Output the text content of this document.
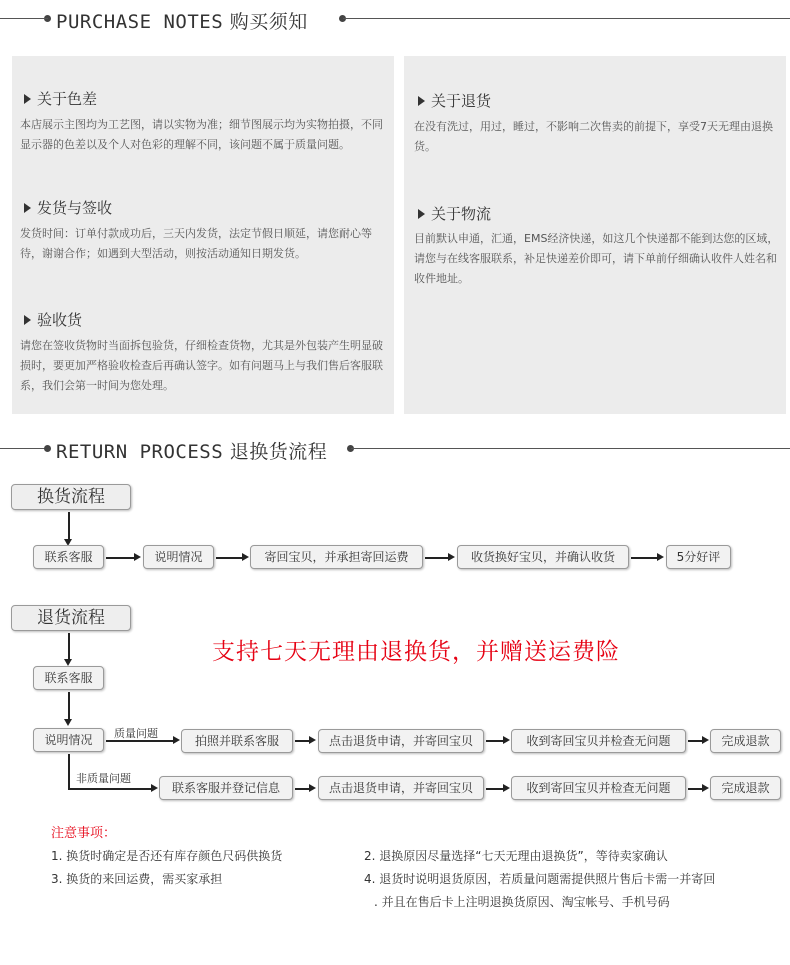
PURCHASE NOTES 购买须知
关于色差
本店展示主图均为工艺图，请以实物为准；细节图展示均为实物拍摄，不同显示器的色差以及个人对色彩的理解不同，该问题不属于质量问题。
发货与签收
发货时间：订单付款成功后，三天内发货，法定节假日顺延，请您耐心等待，谢谢合作；如遇到大型活动，则按活动通知日期发货。
验收货
请您在签收货物时当面拆包验货，仔细检查货物，尤其是外包装产生明显破损时，要更加严格验收检查后再确认签字。如有问题马上与我们售后客服联系，我们会第一时间为您处理。
关于退货
在没有洗过，用过，睡过，不影响二次售卖的前提下，享受7天无理由退换货。
关于物流
目前默认申通，汇通，EMS经济快递，如这几个快递都不能到达您的区域，请您与在线客服联系，补足快递差价即可，请下单前仔细确认收件人姓名和收件地址。
RETURN PROCESS 退换货流程
换货流程
联系客服	说明情况	寄回宝贝，并承担寄回运费	收货换好宝贝，并确认收货	5分好评
退货流程
支持七天无理由退换货，并赠送运费险
联系客服
说明情况	质量问题
拍照并联系客服	点击退货申请，并寄回宝贝	收到寄回宝贝并检查无问题	完成退款
非质量问题
联系客服并登记信息	点击退货申请，并寄回宝贝	收到寄回宝贝并检查无问题	完成退款
注意事项：
1. 换货时确定是否还有库存颜色尺码供换货	2. 退换原因尽量选择“七天无理由退换货”，等待卖家确认
3. 换货的来回运费，需买家承担	4. 退货时说明退货原因，若质量问题需提供照片售后卡需一并寄回
. 并且在售后卡上注明退换货原因、淘宝帐号、手机号码
